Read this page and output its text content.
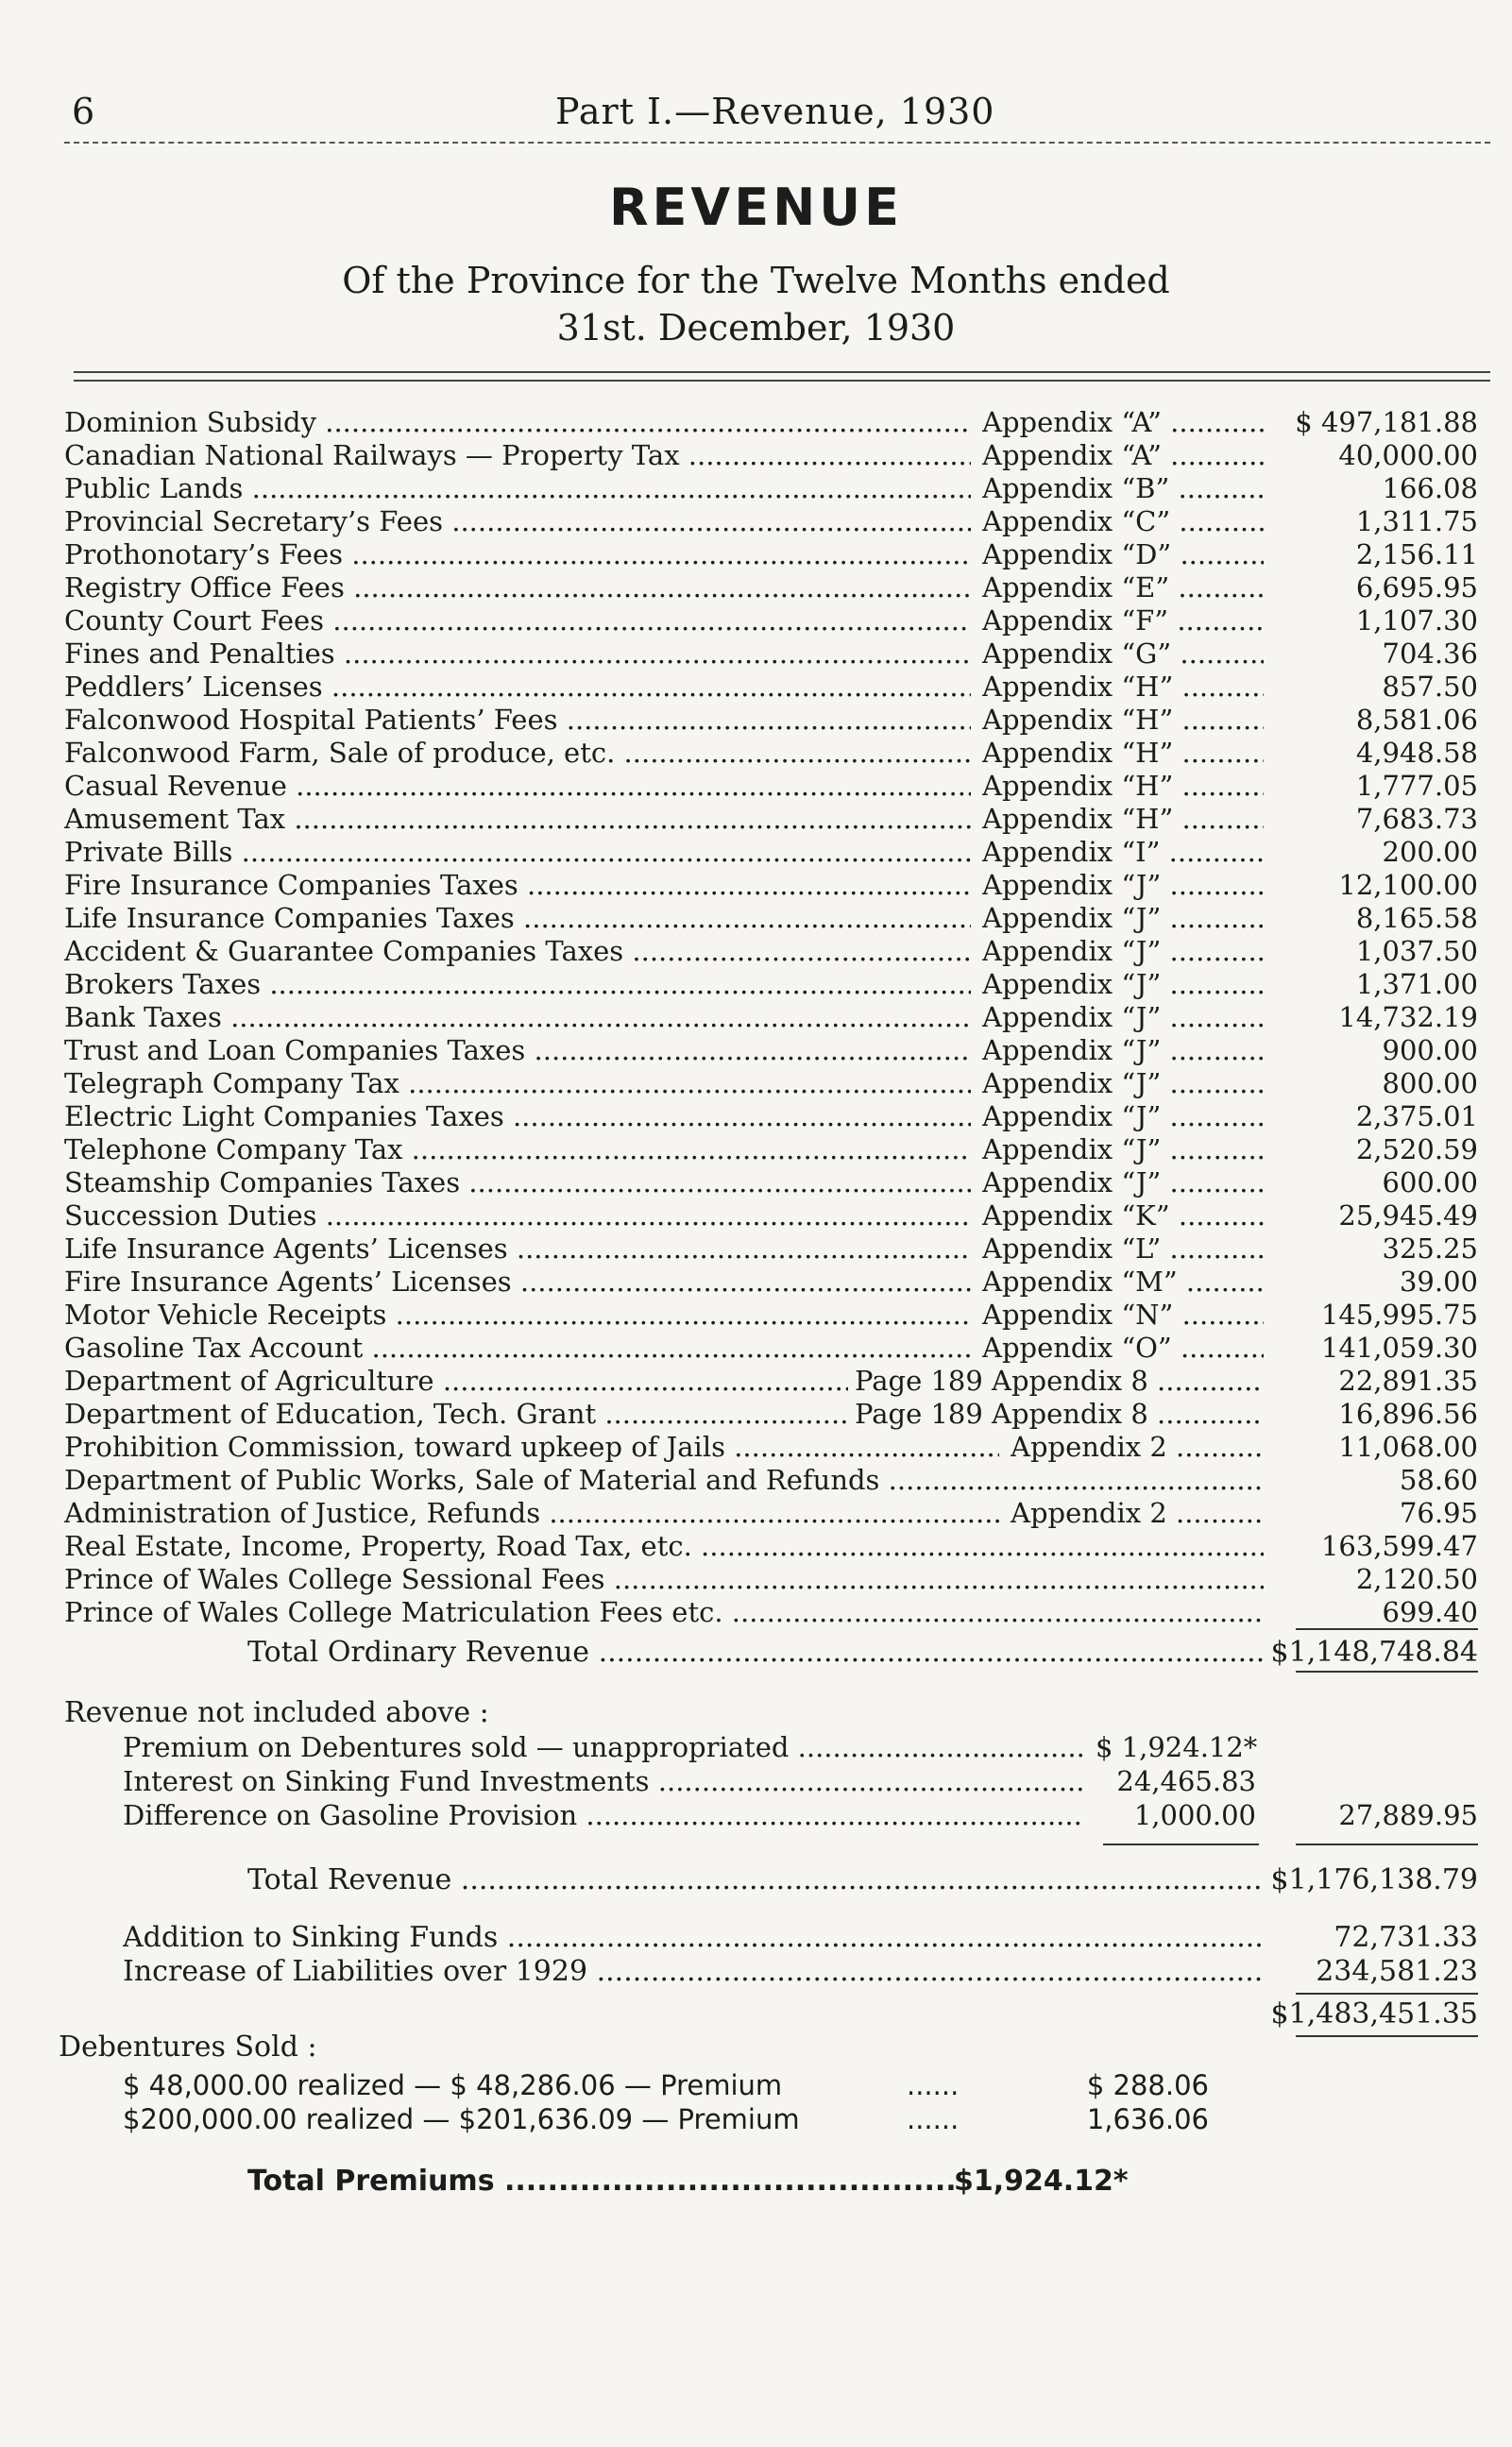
6	Part I.—Revenue, 1930
REVENUE
Of the Province for the Twelve Months ended
31st. December, 1930
Dominion Subsidy .....	Appendix “A” .....	$ 497,181.88
Canadian National Railways — Property Tax .....	Appendix “A” .....	40,000.00
Public Lands .....	Appendix “B” .....	166.08
Provincial Secretary’s Fees .....	Appendix “C” .....	1,311.75
Prothonotary’s Fees .....	Appendix “D” .....	2,156.11
Registry Office Fees .....	Appendix “E” .....	6,695.95
County Court Fees .....	Appendix “F” .....	1,107.30
Fines and Penalties .....	Appendix “G” .....	704.36
Peddlers’ Licenses .....	Appendix “H” .....	857.50
Falconwood Hospital Patients’ Fees .....	Appendix “H” .....	8,581.06
Falconwood Farm, Sale of produce, etc. .....	Appendix “H” .....	4,948.58
Casual Revenue .....	Appendix “H” .....	1,777.05
Amusement Tax .....	Appendix “H” .....	7,683.73
Private Bills .....	Appendix “I” .....	200.00
Fire Insurance Companies Taxes .....	Appendix “J” .....	12,100.00
Life Insurance Companies Taxes .....	Appendix “J” .....	8,165.58
Accident & Guarantee Companies Taxes .....	Appendix “J” .....	1,037.50
Brokers Taxes .....	Appendix “J” .....	1,371.00
Bank Taxes .....	Appendix “J” .....	14,732.19
Trust and Loan Companies Taxes .....	Appendix “J” .....	900.00
Telegraph Company Tax .....	Appendix “J” .....	800.00
Electric Light Companies Taxes .....	Appendix “J” .....	2,375.01
Telephone Company Tax .....	Appendix “J” .....	2,520.59
Steamship Companies Taxes .....	Appendix “J” .....	600.00
Succession Duties .....	Appendix “K” .....	25,945.49
Life Insurance Agents’ Licenses .....	Appendix “L” .....	325.25
Fire Insurance Agents’ Licenses .....	Appendix “M” .....	39.00
Motor Vehicle Receipts .....	Appendix “N” .....	145,995.75
Gasoline Tax Account .....	Appendix “O” .....	141,059.30
Department of Agriculture .....	Page 189 Appendix 8 .....	22,891.35
Department of Education, Tech. Grant .....	Page 189 Appendix 8 .....	16,896.56
Prohibition Commission, toward upkeep of Jails .....	Appendix 2 .....	11,068.00
Department of Public Works, Sale of Material and Refunds .....	58.60
Administration of Justice, Refunds .....	Appendix 2 .....	76.95
Real Estate, Income, Property, Road Tax, etc. .....	163,599.47
Prince of Wales College Sessional Fees .....	2,120.50
Prince of Wales College Matriculation Fees etc. .....	699.40
Total Ordinary Revenue .....	$1,148,748.84
Revenue not included above :
Premium on Debentures sold — unappropriated .....	$ 1,924.12*
Interest on Sinking Fund Investments .....	24,465.83
Difference on Gasoline Provision .....	1,000.00	27,889.95
Total Revenue .....	$1,176,138.79
Addition to Sinking Funds .....	72,731.33
Increase of Liabilities over 1929 .....	234,581.23
$1,483,451.35
Debentures Sold :
$ 48,000.00 realized — $ 48,286.06 — Premium	......	$ 288.06
$200,000.00 realized — $201,636.09 — Premium	......	1,636.06
Total Premiums .....	$1,924.12*
